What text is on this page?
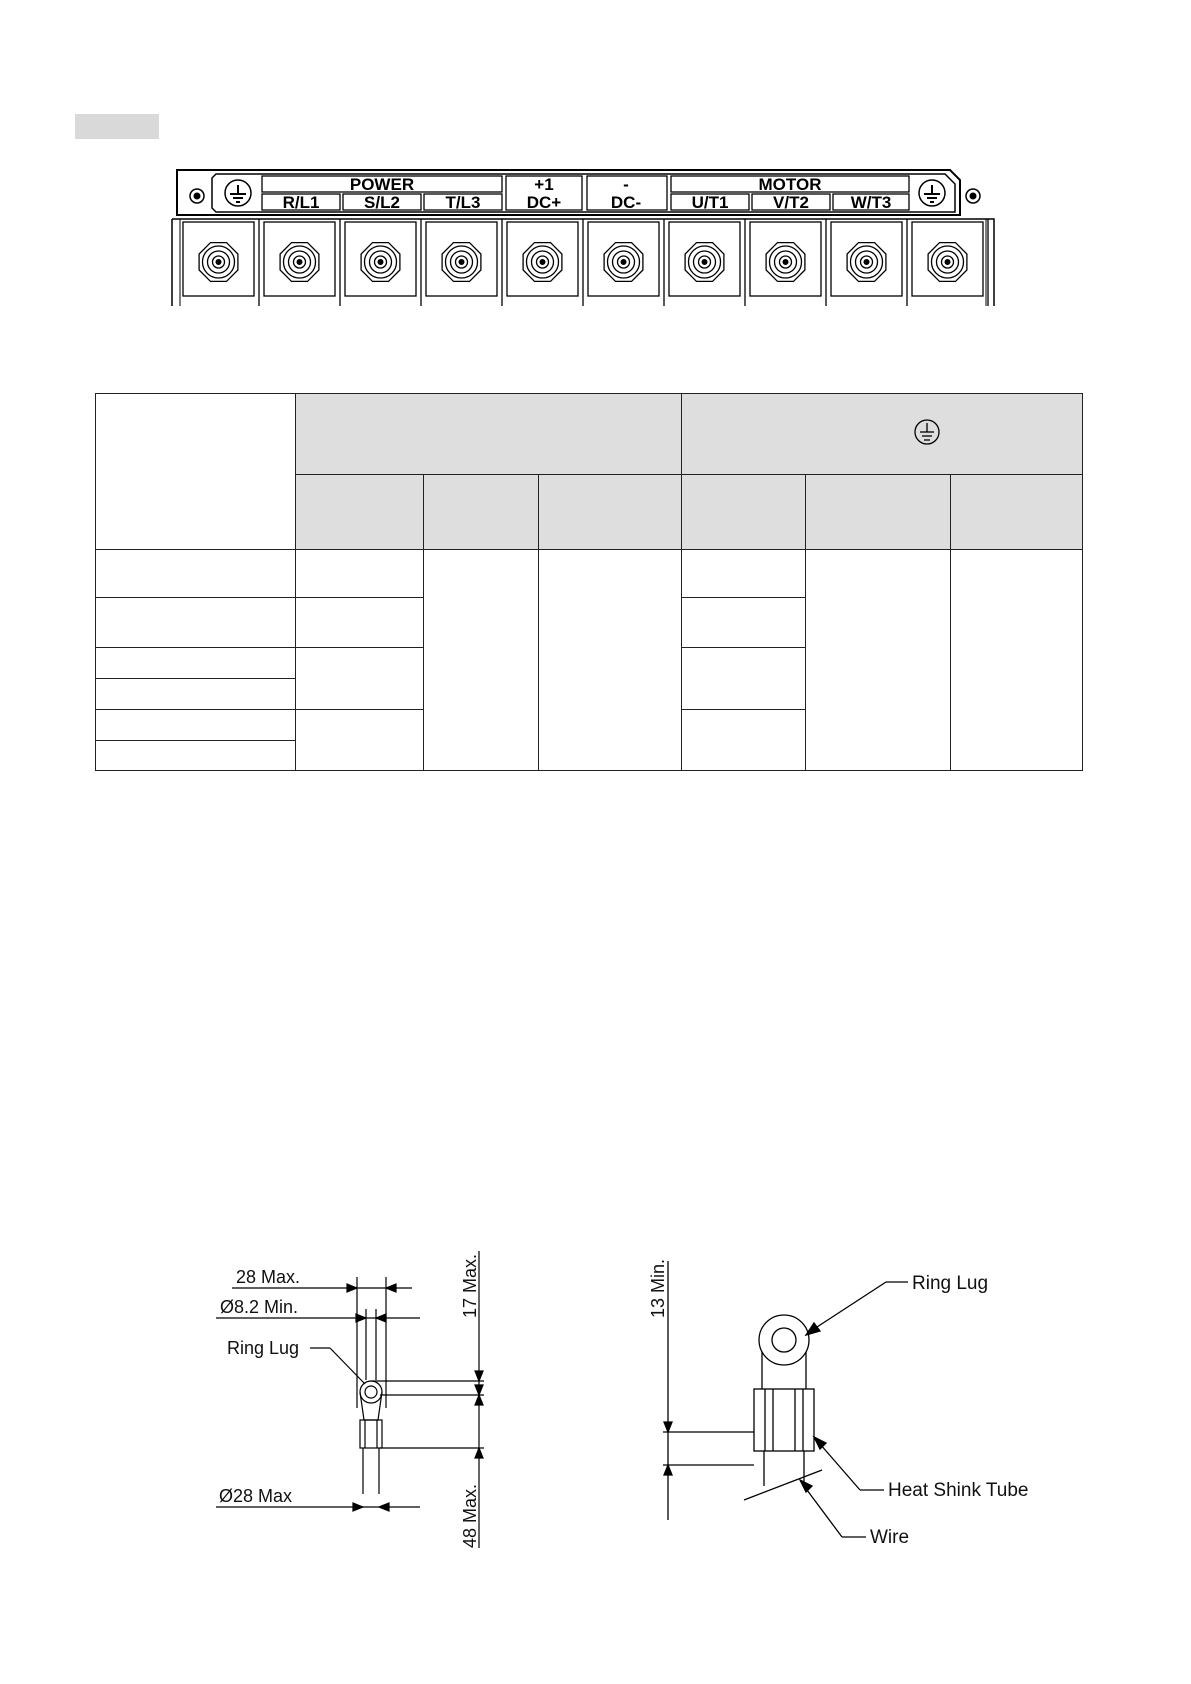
POWER	+1	-	MOTOR
R/L1	S/L2	T/L3	DC+	DC-	U/T1	V/T2 W/T3
28 Max.
Ø8.2 Min.
Ring Lug
Ø28 Max
17 Max.
48 Max.
13 Min.	Ring Lug
Heat Shink Tube
Wire
